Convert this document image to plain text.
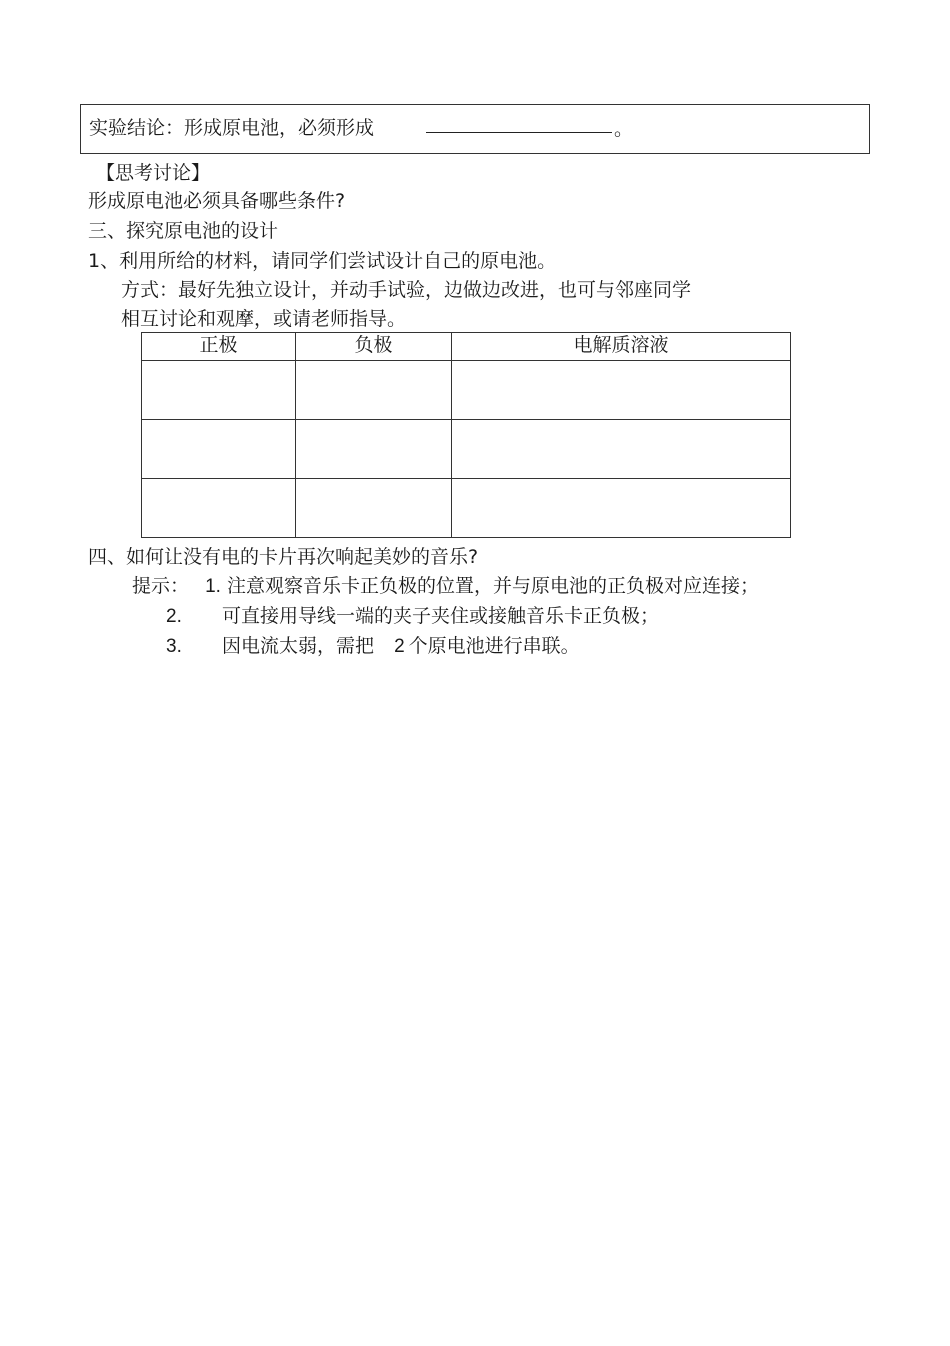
实验结论：形成原电池，必须形成	。
【思考讨论】
形成原电池必须具备哪些条件?
三、探究原电池的设计
1、利用所给的材料，请同学们尝试设计自己的原电池。
方式：最好先独立设计，并动手试验，边做边改进，也可与邻座同学
相互讨论和观摩，或请老师指导。
正极	负极	电解质溶液

四、如何让没有电的卡片再次响起美妙的音乐?
提示： 1. 注意观察音乐卡正负极的位置，并与原电池的正负极对应连接；
2. 可直接用导线一端的夹子夹住或接触音乐卡正负极；
3. 因电流太弱，需把 2 个原电池进行串联。
